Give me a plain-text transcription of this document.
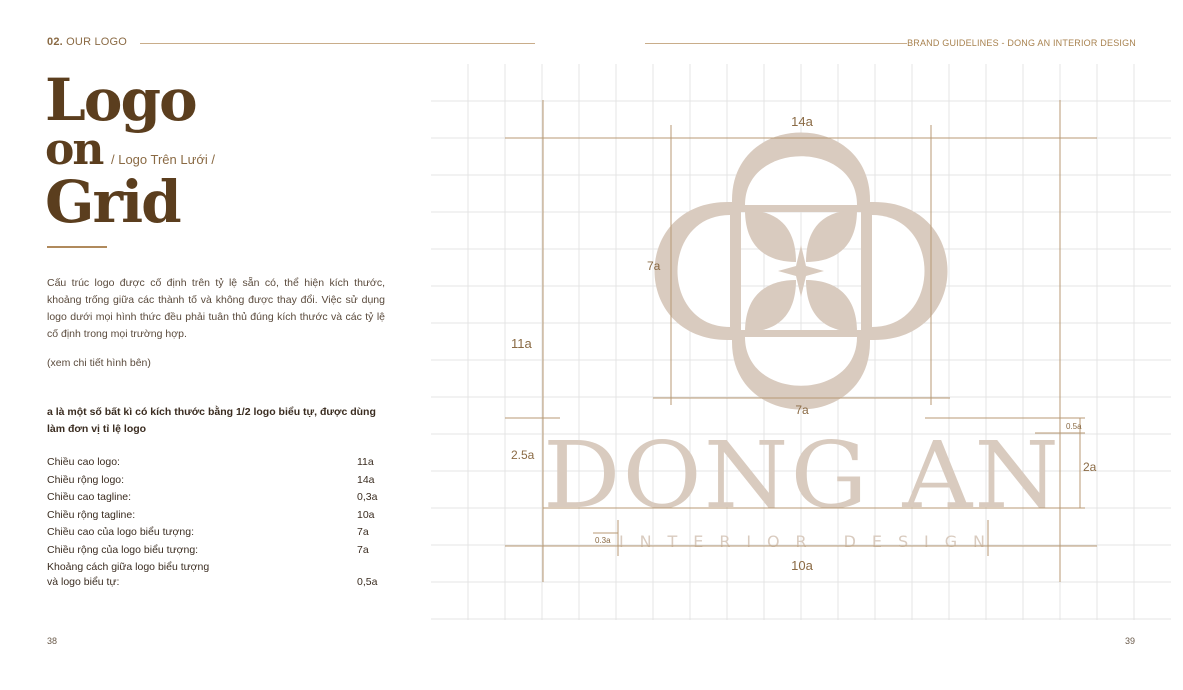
02. OUR LOGO	BRAND GUIDELINES - DONG AN INTERIOR DESIGN
Logo
on / Logo Trên Lưới /
Grid
Cấu trúc logo được cố định trên tỷ lệ sẵn có, thể hiện kích thước, khoảng trống giữa các thành tố và không được thay đổi. Việc sử dụng logo dưới mọi hình thức đều phải tuân thủ đúng kích thước và các tỷ lệ cố định trong mọi trường hợp.
(xem chi tiết hình bên)
a là một số bất kì có kích thước bằng 1/2 logo biểu tự, được dùng làm đơn vị tỉ lệ logo
Chiều cao logo:	11a
Chiều rộng logo:	14a
Chiều cao tagline:	0,3a
Chiều rộng tagline:	10a
Chiều cao của logo biểu tượng:	7a
Chiều rộng của logo biểu tượng:	7a
Khoảng cách giữa logo biểu tượng
và logo biểu tự:	0,5a
38	39
DONG AN
INTERIOR DESIGN
14a
7a
7a
11a
2.5a
0.5a
2a
0.3a
10a
